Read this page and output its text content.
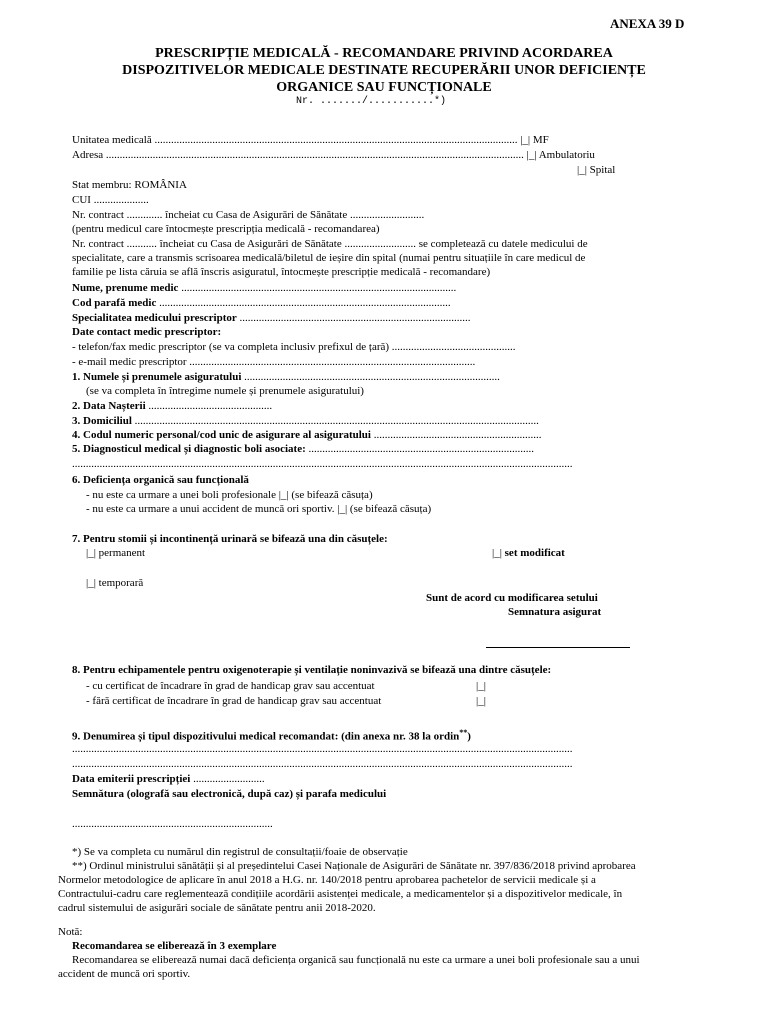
ANEXA 39 D
PRESCRIPȚIE MEDICALĂ - RECOMANDARE PRIVIND ACORDAREA
DISPOZITIVELOR MEDICALE DESTINATE RECUPERĂRII UNOR DEFICIENȚE
ORGANICE SAU FUNCȚIONALE
Nr. ......./...........*)
Unitatea medicală .................................................................................................................................... |_| MF
Adresa ........................................................................................................................................................ |_| Ambulatoriu
|_| Spital
Stat membru: ROMÂNIA
CUI ....................
Nr. contract ............. încheiat cu Casa de Asigurări de Sănătate ...........................
(pentru medicul care întocmește prescripția medicală - recomandarea)
Nr. contract ........... încheiat cu Casa de Asigurări de Sănătate .......................... se completează cu datele medicului de
specialitate, care a transmis scrisoarea medicală/biletul de ieșire din spital (numai pentru situațiile în care medicul de
familie pe lista căruia se află înscris asiguratul, întocmește prescripție medicală - recomandare)
Nume, prenume medic ....................................................................................................
Cod parafă medic ..........................................................................................................
Specialitatea medicului prescriptor ....................................................................................
Date contact medic prescriptor:
- telefon/fax medic prescriptor (se va completa inclusiv prefixul de țară) .............................................
- e-mail medic prescriptor ........................................................................................................
1. Numele și prenumele asiguratului .............................................................................................
(se va completa în întregime numele și prenumele asiguratului)
2. Data Nașterii .............................................
3. Domiciliul ...................................................................................................................................................
4. Codul numeric personal/cod unic de asigurare al asiguratului .............................................................
5. Diagnosticul medical și diagnostic boli asociate: ..................................................................................
......................................................................................................................................................................................
6. Deficiența organică sau funcțională
- nu este ca urmare a unei boli profesionale |_| (se bifează căsuța)
- nu este ca urmare a unui accident de muncă ori sportiv. |_| (se bifează căsuța)
7. Pentru stomii și incontinență urinară se bifează una din căsuțele:
|_| permanent	|_| set modificat
|_| temporară
Sunt de acord cu modificarea setului
Semnatura asigurat
8. Pentru echipamentele pentru oxigenoterapie și ventilație noninvazivă se bifează una dintre căsuțele:
- cu certificat de încadrare în grad de handicap grav sau accentuat	|_|
- fără certificat de încadrare în grad de handicap grav sau accentuat	|_|
9. Denumirea și tipul dispozitivului medical recomandat: (din anexa nr. 38 la ordin**)
......................................................................................................................................................................................
......................................................................................................................................................................................
Data emiterii prescripției ..........................
Semnătura (olografă sau electronică, după caz) și parafa medicului
.........................................................................
*) Se va completa cu numărul din registrul de consultații/foaie de observație
**) Ordinul ministrului sănătății și al președintelui Casei Naționale de Asigurări de Sănătate nr. 397/836/2018 privind aprobarea
Normelor metodologice de aplicare în anul 2018 a H.G. nr. 140/2018 pentru aprobarea pachetelor de servicii medicale și a
Contractului-cadru care reglementează condițiile acordării asistenței medicale, a medicamentelor și a dispozitivelor medicale, în
cadrul sistemului de asigurări sociale de sănătate pentru anii 2018-2020.
Notă:
Recomandarea se eliberează în 3 exemplare
Recomandarea se eliberează numai dacă deficiența organică sau funcțională nu este ca urmare a unei boli profesionale sau a unui
accident de muncă ori sportiv.
